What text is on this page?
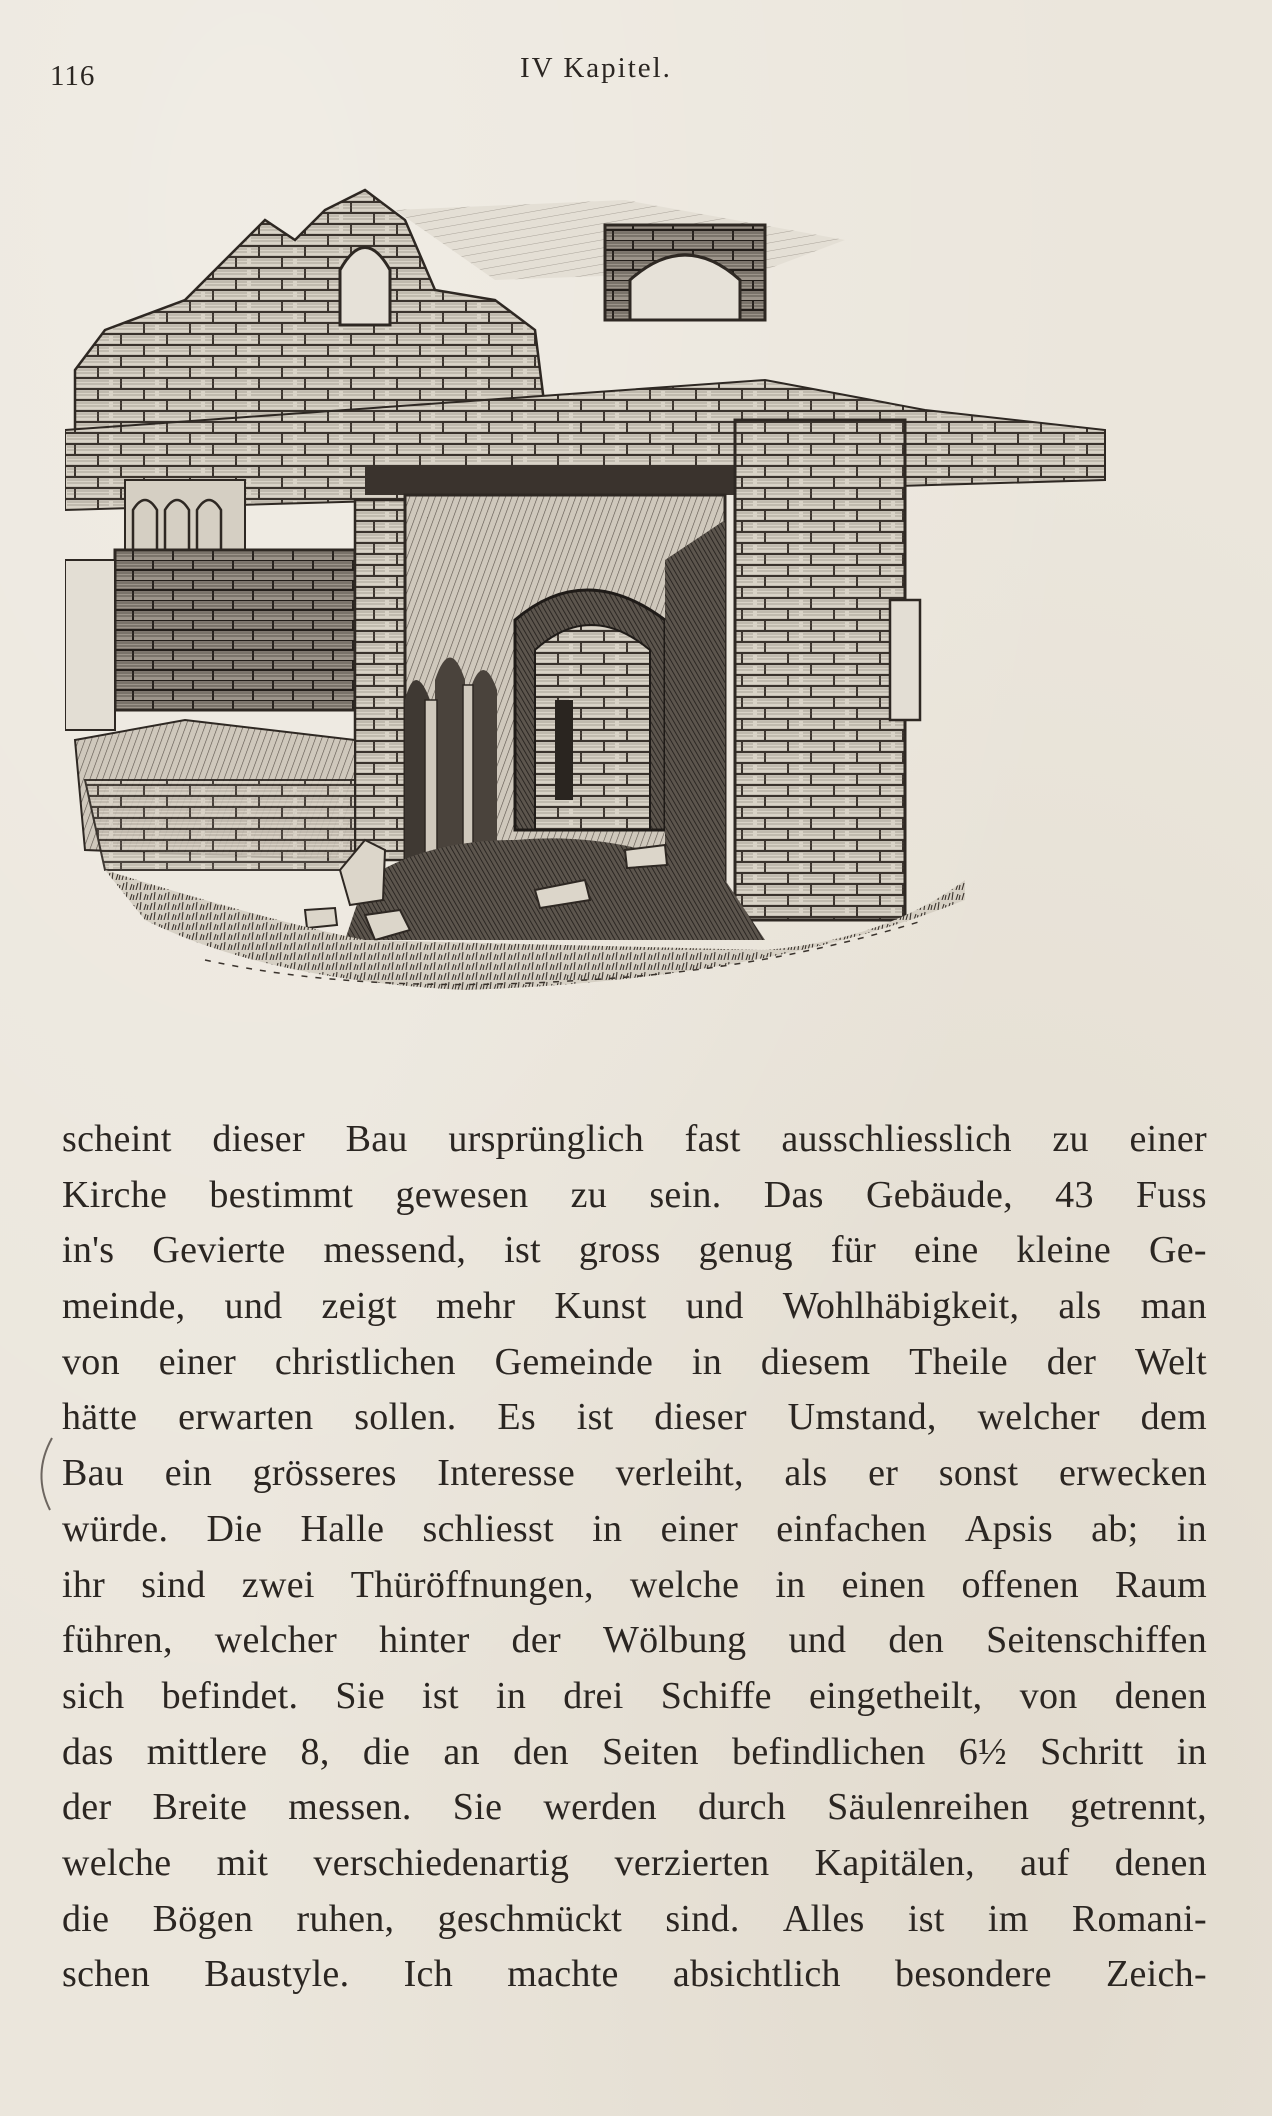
116	IV Kapitel.
scheint dieser Bau ursprünglich fast ausschliesslich zu einer
Kirche bestimmt gewesen zu sein. Das Gebäude, 43 Fuss
in's Gevierte messend, ist gross genug für eine kleine Ge-
meinde, und zeigt mehr Kunst und Wohlhäbigkeit, als man
von einer christlichen Gemeinde in diesem Theile der Welt
hätte erwarten sollen. Es ist dieser Umstand, welcher dem
Bau ein grösseres Interesse verleiht, als er sonst erwecken
würde. Die Halle schliesst in einer einfachen Apsis ab; in
ihr sind zwei Thüröffnungen, welche in einen offenen Raum
führen, welcher hinter der Wölbung und den Seitenschiffen
sich befindet. Sie ist in drei Schiffe eingetheilt, von denen
das mittlere 8, die an den Seiten befindlichen 6½ Schritt in
der Breite messen. Sie werden durch Säulenreihen getrennt,
welche mit verschiedenartig verzierten Kapitälen, auf denen
die Bögen ruhen, geschmückt sind. Alles ist im Romani-
schen Baustyle. Ich machte absichtlich besondere Zeich-
